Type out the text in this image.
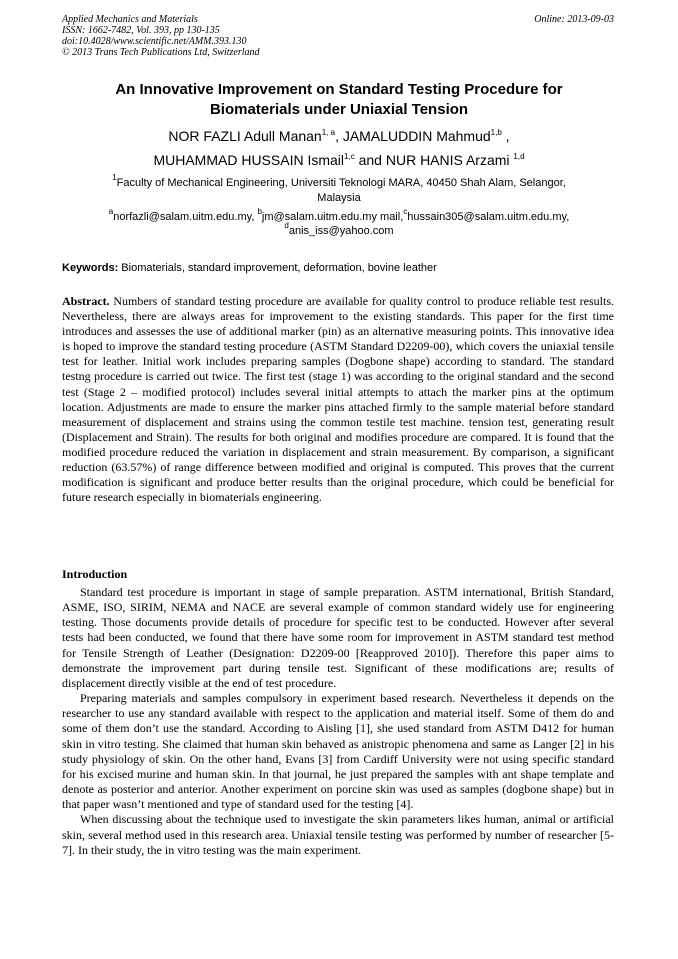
Applied Mechanics and Materials
ISSN: 1662-7482, Vol. 393, pp 130-135
doi:10.4028/www.scientific.net/AMM.393.130
© 2013 Trans Tech Publications Ltd, Switzerland
Online: 2013-09-03
An Innovative Improvement on Standard Testing Procedure for
Biomaterials under Uniaxial Tension
NOR FAZLI Adull Manan$^{1, a}$, JAMALUDDIN Mahmud$^{1,b}$ ,
MUHAMMAD HUSSAIN Ismail$^{1,c}$ and NUR HANIS Arzami $^{1,d}$
$^1$Faculty of Mechanical Engineering, Universiti Teknologi MARA, 40450 Shah Alam, Selangor,
Malaysia
$^a$norfazli@salam.uitm.edu.my, $^b$jm@salam.uitm.edu.my mail,$^c$hussain305@salam.uitm.edu.my,
$^d$anis_iss@yahoo.com
Keywords: Biomaterials, standard improvement, deformation, bovine leather
Abstract. Numbers of standard testing procedure are available for quality control to produce reliable test results. Nevertheless, there are always areas for improvement to the existing standards. This paper for the first time introduces and assesses the use of additional marker (pin) as an alternative measuring points. This innovative idea is hoped to improve the standard testing procedure (ASTM Standard D2209-00), which covers the uniaxial tensile test for leather. Initial work includes preparing samples (Dogbone shape) according to standard. The standard testng procedure is carried out twice. The first test (stage 1) was according to the original standard and the second test (Stage 2 – modified protocol) includes several initial attempts to attach the marker pins at the optimum location. Adjustments are made to ensure the marker pins attached firmly to the sample material before standard measurement of displacement and strains using the common testile test machine. tension test, generating result (Displacement and Strain). The results for both original and modifies procedure are compared. It is found that the modified procedure reduced the variation in displacement and strain measurement. By comparison, a significant reduction (63.57%) of range difference between modified and original is computed. This proves that the current modification is significant and produce better results than the original procedure, which could be beneficial for future research especially in biomaterials engineering.
Introduction

Standard test procedure is important in stage of sample preparation. ASTM international, British Standard, ASME, ISO, SIRIM, NEMA and NACE are several example of common standard widely use for engineering testing. Those documents provide details of procedure for specific test to be conducted. However after several tests had been conducted, we found that there have some room for improvement in ASTM standard test method for Tensile Strength of Leather (Designation: D2209-00 [Reapproved 2010]). Therefore this paper aims to demonstrate the improvement part during tensile test. Significant of these modifications are; results of displacement directly visible at the end of test procedure.

Preparing materials and samples compulsory in experiment based research. Nevertheless it depends on the researcher to use any standard available with respect to the application and material itself. Some of them do and some of them don’t use the standard. According to Aisling [1], she used standard from ASTM D412 for human skin in vitro testing. She claimed that human skin behaved as anistropic phenomena and same as Langer [2] in his study physiology of skin. On the other hand, Evans [3] from Cardiff University were not using specific standard for his excised murine and human skin. In that journal, he just prepared the samples with ant shape template and denote as posterior and anterior. Another experiment on porcine skin was used as samples (dogbone shape) but in that paper wasn’t mentioned and type of standard used for the testing [4].

When discussing about the technique used to investigate the skin parameters likes human, animal or artificial skin, several method used in this research area. Uniaxial tensile testing was performed by number of researcher [5-7]. In their study, the in vitro testing was the main experiment.
